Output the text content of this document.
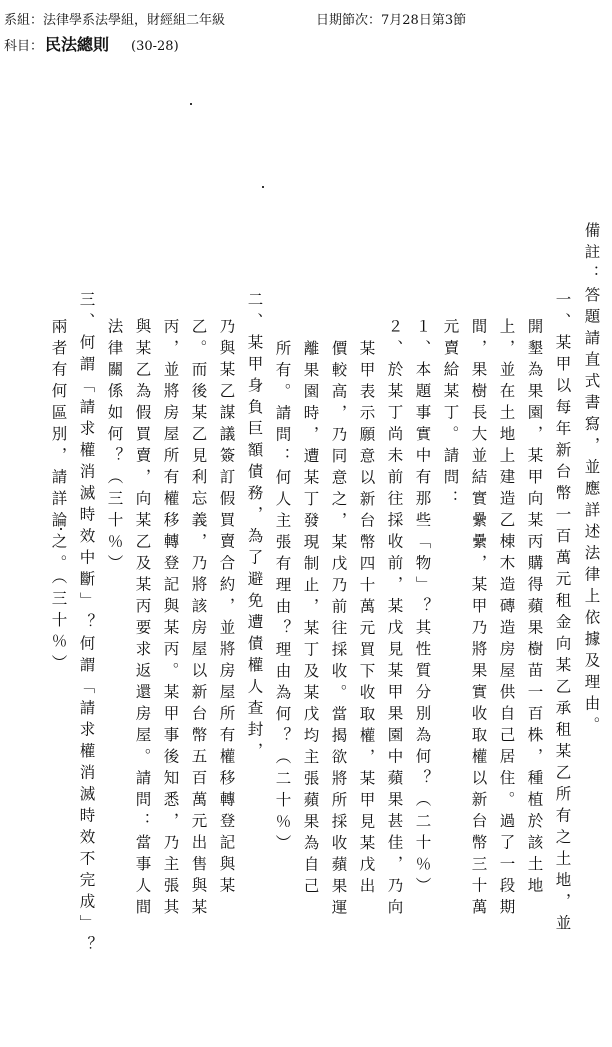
系組：法律學系法學組，財經組二年級	日期節次：7月28日第3節
科目： 民法總則 (30-28)
備註：答題請直式書寫，並應詳述法律上依據及理由。
一、某甲以每年新台幣一百萬元租金向某乙承租某乙所有之土地，並
開墾為果園，某甲向某丙購得蘋果樹苗一百株，種植於該土地
上，並在土地上建造乙棟木造磚造房屋供自己居住。過了一段期
間，果樹長大並結實纍纍，某甲乃將果實收取權以新台幣三十萬
元賣給某丁。請問：
１、本題事實中有那些「物」？其性質分別為何？（二十％）
２、於某丁尚未前往採收前，某戊見某甲果園中蘋果甚佳，乃向
某甲表示願意以新台幣四十萬元買下收取權，某甲見某戊出
價較高，乃同意之，某戊乃前往採收。當揭欲將所採收蘋果運
離果園時，遭某丁發現制止，某丁及某戊均主張蘋果為自己
所有。請問：何人主張有理由？理由為何？（二十％）
二、某甲身負巨額債務，為了避免遭債權人查封，
乃與某乙謀議簽訂假買賣合約，並將房屋所有權移轉登記與某
乙。而後某乙見利忘義，乃將該房屋以新台幣五百萬元出售與某
丙，並將房屋所有權移轉登記與某丙。某甲事後知悉，乃主張其
與某乙為假買賣，向某乙及某丙要求返還房屋。請問：當事人間
法律關係如何？（三十％）
三、何謂「請求權消滅時效中斷」？何謂「請求權消滅時效不完成」？
兩者有何區別，請詳論之。（三十％）
